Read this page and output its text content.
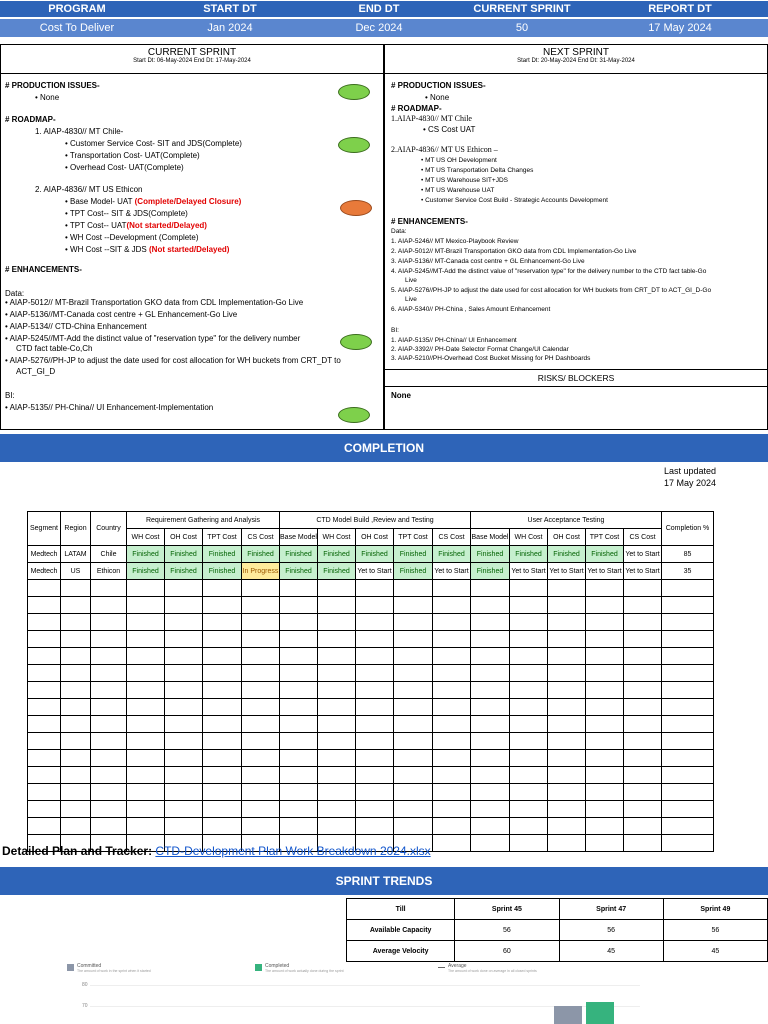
PROGRAM	START DT	END DT	CURRENT SPRINT	REPORT DT
Cost To Deliver	Jan 2024	Dec 2024	50	17 May 2024
CURRENT SPRINT
Start Dt: 06-May-2024 End Dt: 17-May-2024
# PRODUCTION ISSUES-
• None
# ROADMAP-
1. AIAP-4830// MT Chile-
• Customer Service Cost- SIT and JDS(Complete)
• Transportation Cost- UAT(Complete)
• Overhead Cost- UAT(Complete)
2. AIAP-4836// MT US Ethicon
• Base Model- UAT (Complete/Delayed Closure)
• TPT Cost-- SIT & JDS(Complete)
• TPT Cost-- UAT(Not started/Delayed)
• WH Cost --Development (Complete)
• WH Cost --SIT & JDS (Not started/Delayed)
# ENHANCEMENTS-
Data:
• AIAP-5012// MT-Brazil Transportation GKO data from CDL Implementation-Go Live
• AIAP-5136//MT-Canada cost centre + GL Enhancement-Go Live
• AIAP-5134// CTD-China Enhancement
• AIAP-5245//MT-Add the distinct value of "reservation type" for the delivery number
CTD fact table-Co,Ch
• AIAP-5276//PH-JP to adjust the date used for cost allocation for WH buckets from CRT_DT to
ACT_GI_D
BI:
• AIAP-5135// PH-China// UI Enhancement-Implementation
NEXT SPRINT
Start Dt: 20-May-2024 End Dt: 31-May-2024
# PRODUCTION ISSUES-
• None
# ROADMAP-
1.AIAP-4830// MT Chile
• CS Cost UAT
2.AIAP-4836// MT US Ethicon –
• MT US OH Development
• MT US Transportation Delta Changes
• MT US Warehouse SIT+JDS
• MT US Warehouse UAT
• Customer Service Cost Build - Strategic Accounts Development
# ENHANCEMENTS-
Data:
1. AIAP-5246// MT Mexico-Playbook Review
2. AIAP-5012// MT-Brazil Transportation GKO data from CDL Implementation-Go Live
3. AIAP-5136// MT-Canada cost centre + GL Enhancement-Go Live
4. AIAP-5245//MT-Add the distinct value of "reservation type" for the delivery number to the CTD fact table-Go
Live
5. AIAP-5276//PH-JP to adjust the date used for cost allocation for WH buckets from CRT_DT to ACT_GI_D-Go
Live
6. AIAP-5340// PH-China , Sales Amount Enhancement
BI:
1. AIAP-5135// PH-China// UI Enhancement
2. AIAP-3392// PH-Date Selector Format Change/UI Calendar
3. AIAP-5210//PH-Overhead Cost Bucket Missing for PH Dashboards
RISKS/ BLOCKERS
None
COMPLETION
Last updated
17 May 2024
Segment	Region	Country	Requirement Gathering and Analysis				CTD Model Build ,Review and Testing					User Acceptance Testing					Completion %
			WH Cost	OH Cost	TPT Cost	CS Cost	Base Model	WH Cost	OH Cost	TPT Cost	CS Cost	Base Model	WH Cost	OH Cost	TPT Cost	CS Cost	
Medtech	LATAM	Chile	Finished	Finished	Finished	Finished	Finished	Finished	Finished	Finished	Finished	Finished	Finished	Finished	Finished	Yet to Start	85
Medtech	US	Ethicon	Finished	Finished	Finished	In Progress	Finished	Finished	Yet to Start	Finished	Yet to Start	Finished	Yet to Start	Yet to Start	Yet to Start	Yet to Start	35

Detailed Plan and Tracker: CTD-Development Plan Work Breakdown 2024.xlsx
SPRINT TRENDS
Till	Sprint 45	Sprint 47	Sprint 49
Available Capacity	56	56	56
Average Velocity	60	45	45
Committed
The amount of work in the sprint when it started
Completed
The amount of work actually done during the sprint
Average
The amount of work done on average in all closed sprints
80
70
